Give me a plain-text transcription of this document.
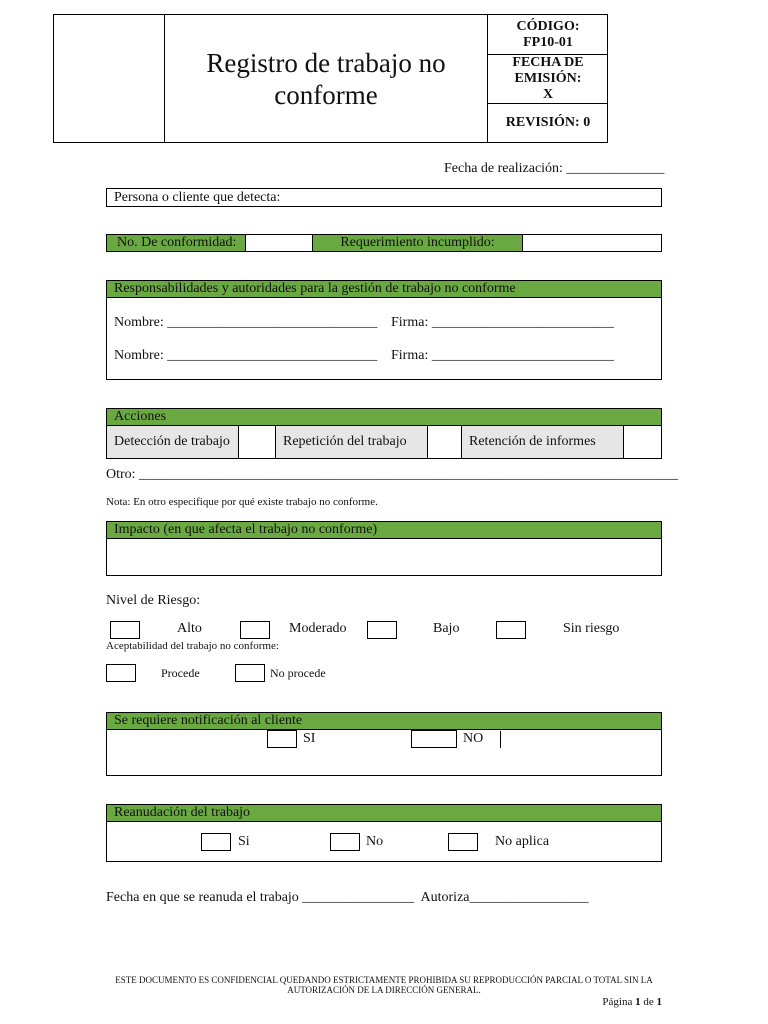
Registro de trabajo no
conforme
CÓDIGO:
FP10-01
FECHA DE
EMISIÓN:
X
REVISIÓN: 0
Fecha de realización: ______________
Persona o cliente que detecta:
No. De conformidad:	Requerimiento incumplido:
Responsabilidades y autoridades para la gestión de trabajo no conforme
Nombre: ______________________________ Firma: __________________________
Nombre: ______________________________ Firma: __________________________
Acciones
Detección de trabajo	Repetición del trabajo	Retención de informes
Otro: _____________________________________________________________________________
Nota: En otro especifique por qué existe trabajo no conforme.
Impacto (en que afecta el trabajo no conforme)
Nivel de Riesgo:
Alto	Moderado	Bajo	Sin riesgo
Aceptabilidad del trabajo no conforme:
Procede	No procede
Se requiere notificación al cliente
SI	NO
Reanudación del trabajo
Si	No	No aplica
Fecha en que se reanuda el trabajo ________________  Autoriza_________________
ESTE DOCUMENTO ES CONFIDENCIAL QUEDANDO ESTRICTAMENTE PROHIBIDA SU REPRODUCCIÓN PARCIAL O TOTAL SIN LA
AUTORIZACIÓN DE LA DIRECCIÓN GENERAL.
Página 1 de 1
